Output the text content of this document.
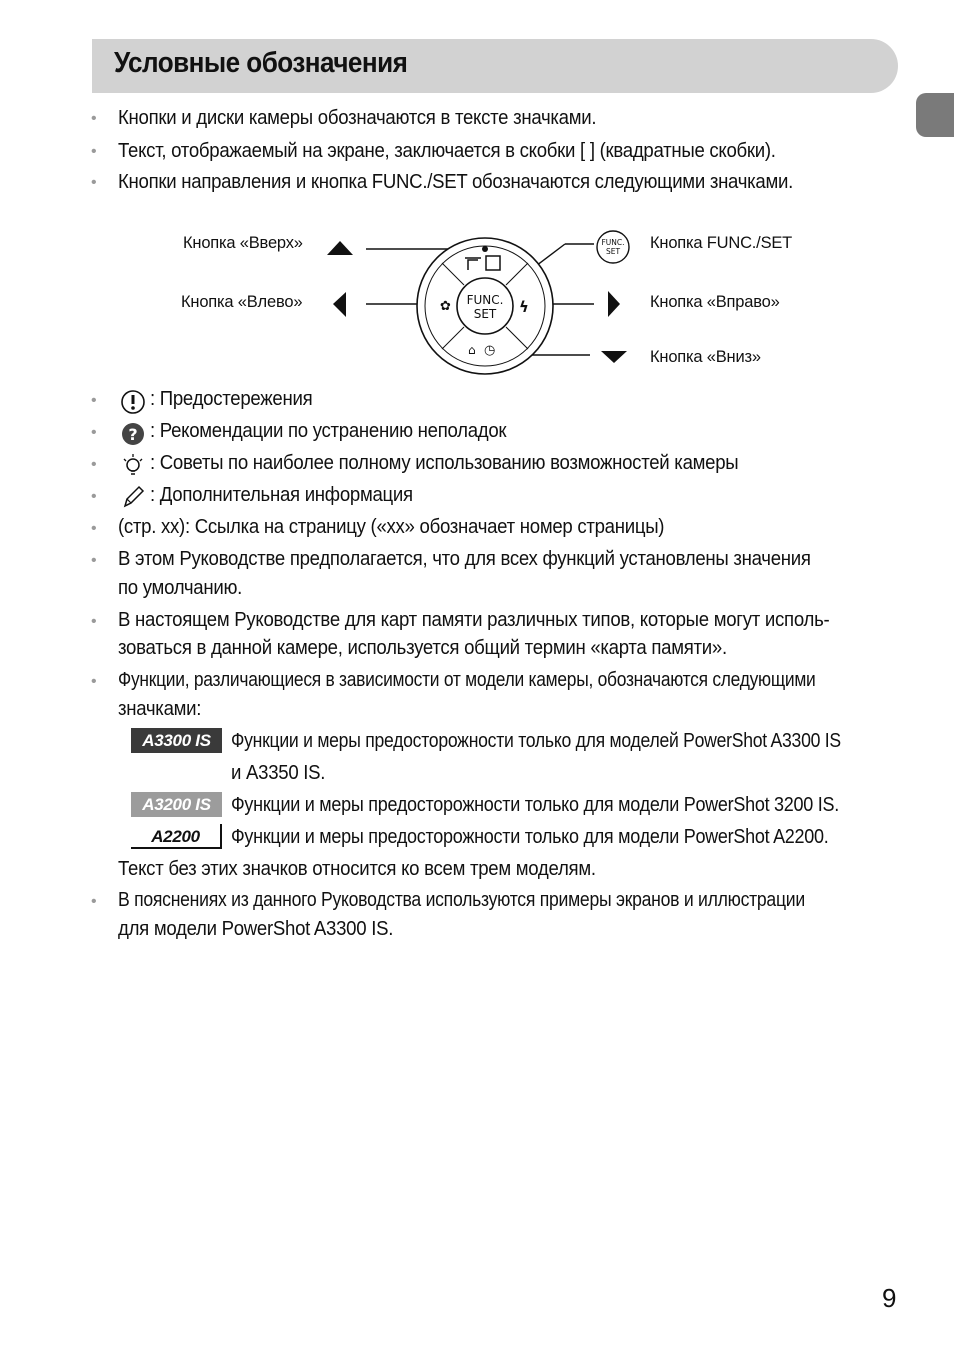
Условные обозначения
• Кнопки и диски камеры обозначаются в тексте значками.
• Текст, отображаемый на экране, заключается в скобки [ ] (квадратные скобки).
• Кнопки направления и кнопка FUNC./SET обозначаются следующими значками.
Кнопка «Вверх»
Кнопка «Влево»
Кнопка FUNC./SET
Кнопка «Вправо»
Кнопка «Вниз»
✿	ϟ
⌂ ◷
FUNC.
SET
FUNC.
SET
•	: Предостережения
• ? : Рекомендации по устранению неполадок
•	: Советы по наиболее полному использованию возможностей камеры
•	: Дополнительная информация
• (стр. xx): Ссылка на страницу («xx» обозначает номер страницы)
• В этом Руководстве предполагается, что для всех функций установлены значения
по умолчанию.
• В настоящем Руководстве для карт памяти различных типов, которые могут исполь-
зоваться в данной камере, используется общий термин «карта памяти».
• Функции, различающиеся в зависимости от модели камеры, обозначаются следующими
значками:
A3300 IS	Функции и меры предосторожности только для моделей PowerShot A3300 IS
и A3350 IS.
A3200 IS	Функции и меры предосторожности только для модели PowerShot 3200 IS.
A2200	Функции и меры предосторожности только для модели PowerShot A2200.
Текст без этих значков относится ко всем трем моделям.
• В пояснениях из данного Руководства используются примеры экранов и иллюстрации
для модели PowerShot A3300 IS.
9
